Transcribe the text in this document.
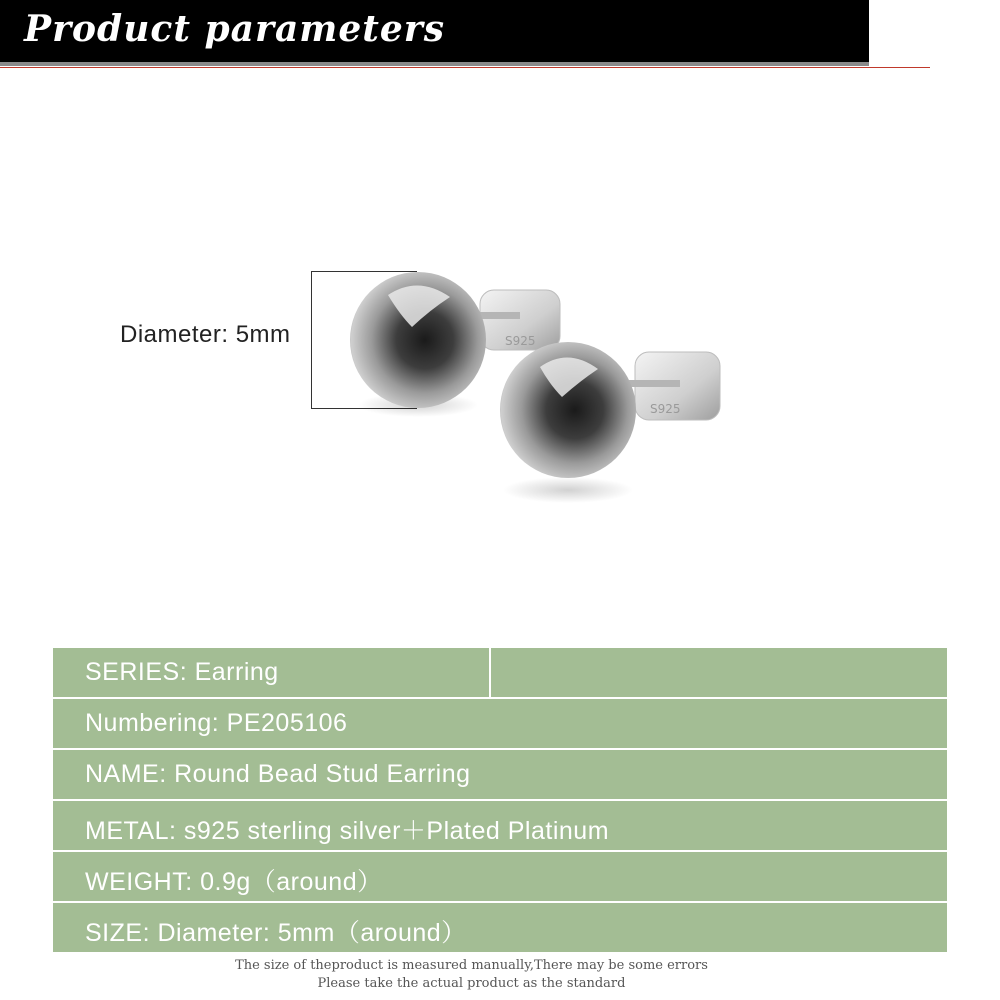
Product parameters
Diameter: 5mm	S925
S925
SERIES: Earring
Numbering: PE205106
NAME: Round Bead Stud Earring
METAL: s925 sterling silver＋Plated Platinum
WEIGHT: 0.9g（around）
SIZE: Diameter: 5mm（around）
The size of theproduct is measured manually,There may be some errors
Please take the actual product as the standard
